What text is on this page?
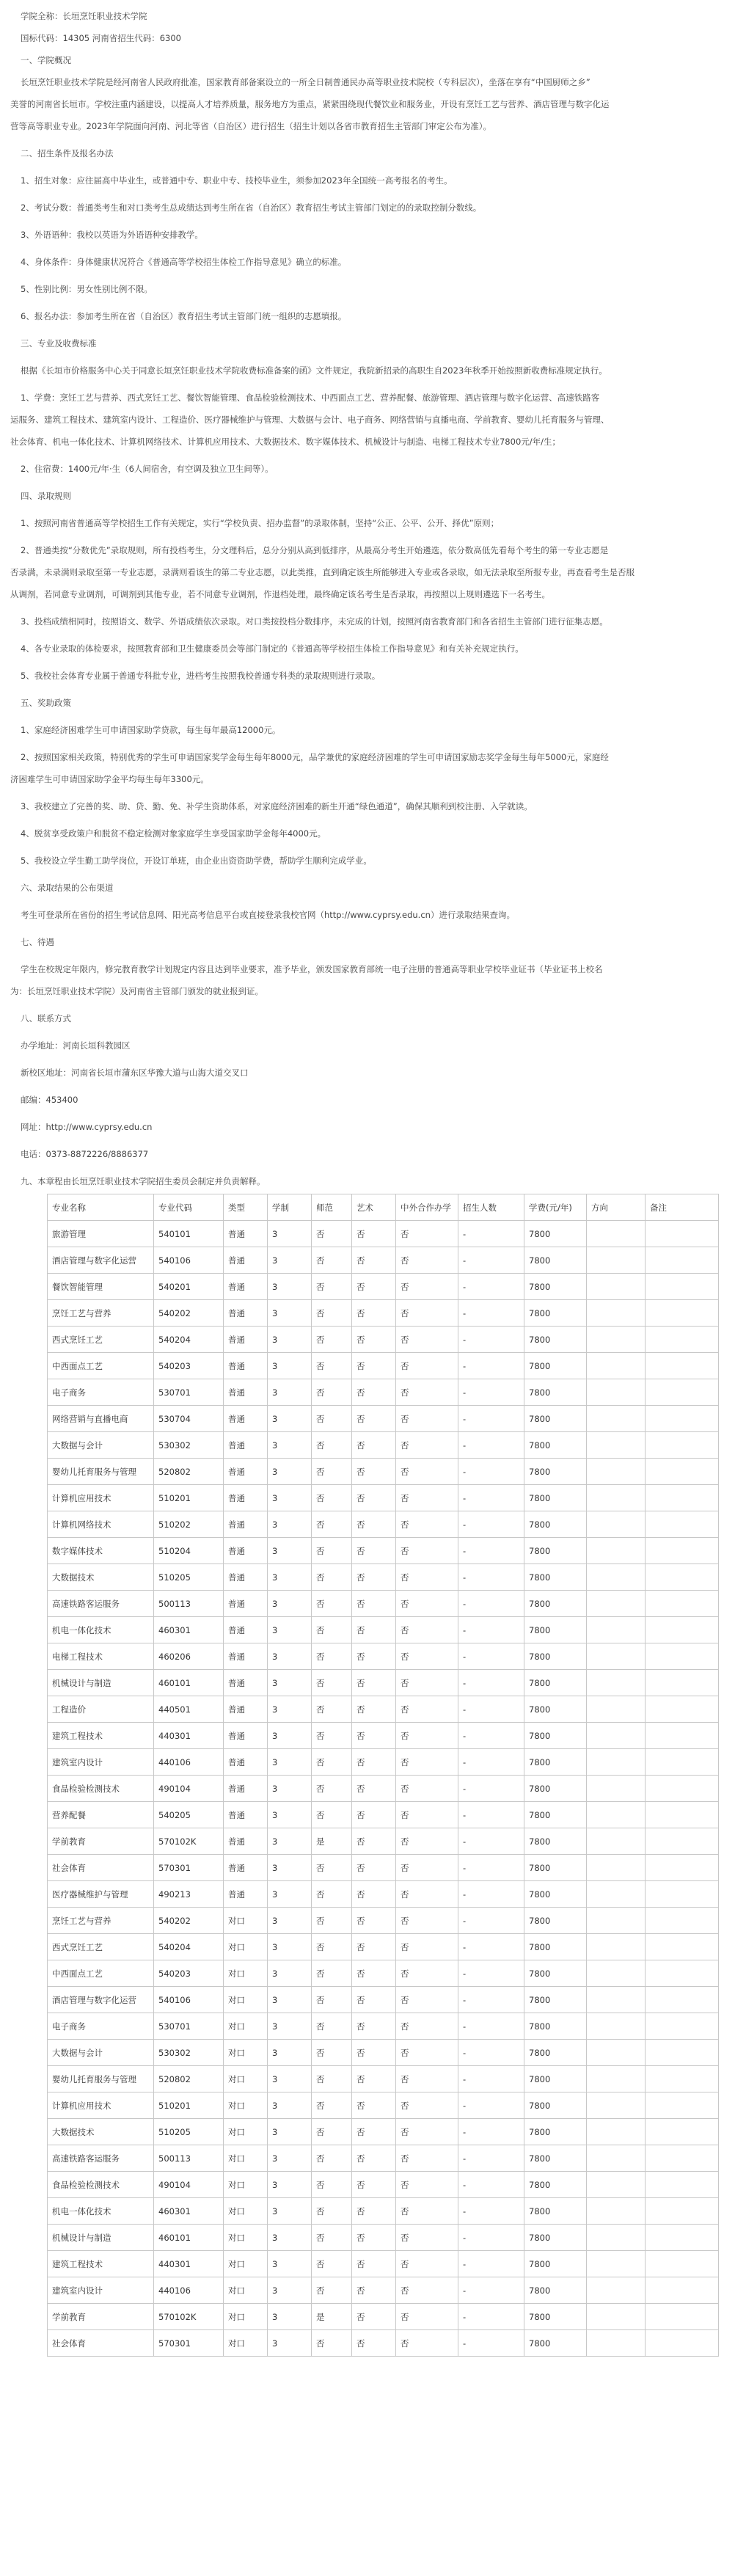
学院全称：长垣烹饪职业技术学院

国标代码：14305 河南省招生代码：6300

一、学院概况

长垣烹饪职业技术学院是经河南省人民政府批准，国家教育部备案设立的一所全日制普通民办高等职业技术院校（专科层次），坐落在享有“中国厨师之乡”

美誉的河南省长垣市。学校注重内涵建设，以提高人才培养质量，服务地方为重点，紧紧围绕现代餐饮业和服务业，开设有烹饪工艺与营养、酒店管理与数字化运

营等高等职业专业。2023年学院面向河南、河北等省（自治区）进行招生（招生计划以各省市教育招生主管部门审定公布为准）。

二、招生条件及报名办法

1、招生对象：应往届高中毕业生，或普通中专、职业中专、技校毕业生，须参加2023年全国统一高考报名的考生。

2、考试分数：普通类考生和对口类考生总成绩达到考生所在省（自治区）教育招生考试主管部门划定的的录取控制分数线。

3、外语语种：我校以英语为外语语种安排教学。

4、身体条件：身体健康状况符合《普通高等学校招生体检工作指导意见》确立的标准。

5、性别比例：男女性别比例不限。

6、报名办法：参加考生所在省（自治区）教育招生考试主管部门统一组织的志愿填报。

三、专业及收费标准

根据《长垣市价格服务中心关于同意长垣烹饪职业技术学院收费标准备案的函》文件规定，我院新招录的高职生自2023年秋季开始按照新收费标准规定执行。

1、学费：烹饪工艺与营养、西式烹饪工艺、餐饮智能管理、食品检验检测技术、中西面点工艺、营养配餐、旅游管理、酒店管理与数字化运营、高速铁路客

运服务、建筑工程技术、建筑室内设计、工程造价、医疗器械维护与管理、大数据与会计、电子商务、网络营销与直播电商、学前教育、婴幼儿托育服务与管理、

社会体育、机电一体化技术、计算机网络技术、计算机应用技术、大数据技术、数字媒体技术、机械设计与制造、电梯工程技术专业7800元/年/生；

2、住宿费：1400元/年·生（6人间宿舍，有空调及独立卫生间等）。

四、录取规则

1、按照河南省普通高等学校招生工作有关规定，实行“学校负责、招办监督”的录取体制，坚持“公正、公平、公开、择优”原则；

2、普通类按“分数优先”录取规则，所有投档考生，分文理科后，总分分别从高到低排序，从最高分考生开始遴选，依分数高低先看每个考生的第一专业志愿是

否录满，未录满则录取至第一专业志愿，录满则看该生的第二专业志愿，以此类推，直到确定该生所能够进入专业或各录取，如无法录取至所报专业，再查看考生是否服

从调剂，若同意专业调剂，可调剂到其他专业，若不同意专业调剂，作退档处理，最终确定该名考生是否录取，再按照以上规则遴选下一名考生。

3、投档成绩相同时，按照语文、数学、外语成绩依次录取。对口类按投档分数排序，未完成的计划，按照河南省教育部门和各省招生主管部门进行征集志愿。

4、各专业录取的体检要求，按照教育部和卫生健康委员会等部门制定的《普通高等学校招生体检工作指导意见》和有关补充规定执行。

5、我校社会体育专业属于普通专科批专业，进档考生按照我校普通专科类的录取规则进行录取。

五、奖助政策

1、家庭经济困难学生可申请国家助学贷款，每生每年最高12000元。

2、按照国家相关政策，特别优秀的学生可申请国家奖学金每生每年8000元，品学兼优的家庭经济困难的学生可申请国家励志奖学金每生每年5000元，家庭经

济困难学生可申请国家助学金平均每生每年3300元。

3、我校建立了完善的奖、助、贷、勤、免、补学生资助体系，对家庭经济困难的新生开通“绿色通道”，确保其顺利到校注册、入学就读。

4、脱贫享受政策户和脱贫不稳定检测对象家庭学生享受国家助学金每年4000元。

5、我校设立学生勤工助学岗位，开设订单班，由企业出资资助学费，帮助学生顺利完成学业。

六、录取结果的公布渠道

考生可登录所在省份的招生考试信息网、阳光高考信息平台或直接登录我校官网（http://www.cyprsy.edu.cn）进行录取结果查询。

七、待遇

学生在校规定年限内，修完教育教学计划规定内容且达到毕业要求，准予毕业，颁发国家教育部统一电子注册的普通高等职业学校毕业证书（毕业证书上校名

为：长垣烹饪职业技术学院）及河南省主管部门颁发的就业报到证。

八、联系方式

办学地址：河南长垣科教园区

新校区地址：河南省长垣市蒲东区华豫大道与山海大道交叉口

邮编：453400

网址：http://www.cyprsy.edu.cn

电话：0373-8872226/8886377

九、本章程由长垣烹饪职业技术学院招生委员会制定并负责解释。

专业名称	专业代码	类型	学制	师范	艺术	中外合作办学	招生人数	学费(元/年)	方向	备注
旅游管理	540101	普通	3	否	否	否	-	7800		
酒店管理与数字化运营	540106	普通	3	否	否	否	-	7800		
餐饮智能管理	540201	普通	3	否	否	否	-	7800		
烹饪工艺与营养	540202	普通	3	否	否	否	-	7800		
西式烹饪工艺	540204	普通	3	否	否	否	-	7800		
中西面点工艺	540203	普通	3	否	否	否	-	7800		
电子商务	530701	普通	3	否	否	否	-	7800		
网络营销与直播电商	530704	普通	3	否	否	否	-	7800		
大数据与会计	530302	普通	3	否	否	否	-	7800		
婴幼儿托育服务与管理	520802	普通	3	否	否	否	-	7800		
计算机应用技术	510201	普通	3	否	否	否	-	7800		
计算机网络技术	510202	普通	3	否	否	否	-	7800		
数字媒体技术	510204	普通	3	否	否	否	-	7800		
大数据技术	510205	普通	3	否	否	否	-	7800		
高速铁路客运服务	500113	普通	3	否	否	否	-	7800		
机电一体化技术	460301	普通	3	否	否	否	-	7800		
电梯工程技术	460206	普通	3	否	否	否	-	7800		
机械设计与制造	460101	普通	3	否	否	否	-	7800		
工程造价	440501	普通	3	否	否	否	-	7800		
建筑工程技术	440301	普通	3	否	否	否	-	7800		
建筑室内设计	440106	普通	3	否	否	否	-	7800		
食品检验检测技术	490104	普通	3	否	否	否	-	7800		
营养配餐	540205	普通	3	否	否	否	-	7800		
学前教育	570102K	普通	3	是	否	否	-	7800		
社会体育	570301	普通	3	否	否	否	-	7800		
医疗器械维护与管理	490213	普通	3	否	否	否	-	7800		
烹饪工艺与营养	540202	对口	3	否	否	否	-	7800		
西式烹饪工艺	540204	对口	3	否	否	否	-	7800		
中西面点工艺	540203	对口	3	否	否	否	-	7800		
酒店管理与数字化运营	540106	对口	3	否	否	否	-	7800		
电子商务	530701	对口	3	否	否	否	-	7800		
大数据与会计	530302	对口	3	否	否	否	-	7800		
婴幼儿托育服务与管理	520802	对口	3	否	否	否	-	7800		
计算机应用技术	510201	对口	3	否	否	否	-	7800		
大数据技术	510205	对口	3	否	否	否	-	7800		
高速铁路客运服务	500113	对口	3	否	否	否	-	7800		
食品检验检测技术	490104	对口	3	否	否	否	-	7800		
机电一体化技术	460301	对口	3	否	否	否	-	7800		
机械设计与制造	460101	对口	3	否	否	否	-	7800		
建筑工程技术	440301	对口	3	否	否	否	-	7800		
建筑室内设计	440106	对口	3	否	否	否	-	7800		
学前教育	570102K	对口	3	是	否	否	-	7800		
社会体育	570301	对口	3	否	否	否	-	7800		
